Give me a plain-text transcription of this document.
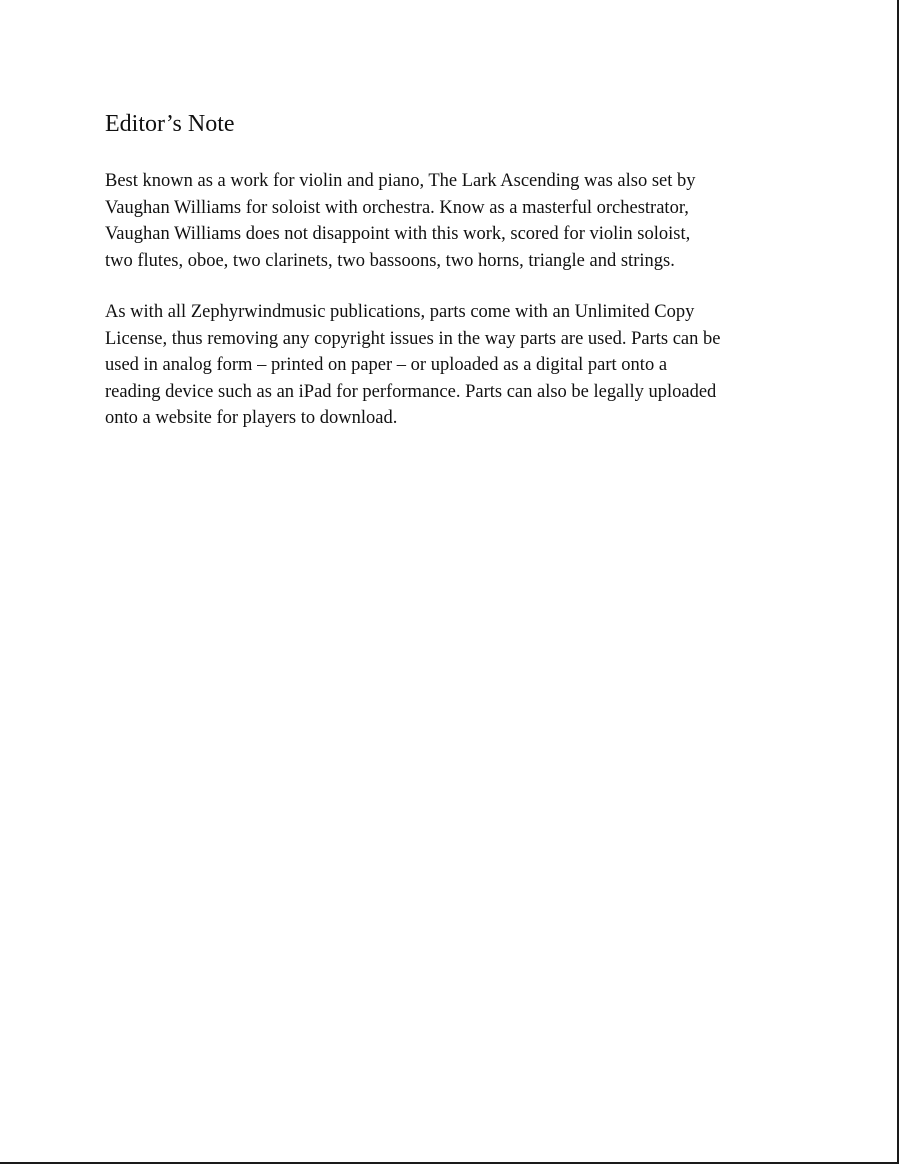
Editor’s Note

Best known as a work for violin and piano, The Lark Ascending was also set by
Vaughan Williams for soloist with orchestra. Know as a masterful orchestrator,
Vaughan Williams does not disappoint with this work, scored for violin soloist,
two flutes, oboe, two clarinets, two bassoons, two horns, triangle and strings.

As with all Zephyrwindmusic publications, parts come with an Unlimited Copy
License, thus removing any copyright issues in the way parts are used. Parts can be
used in analog form – printed on paper – or uploaded as a digital part onto a
reading device such as an iPad for performance. Parts can also be legally uploaded
onto a website for players to download.
